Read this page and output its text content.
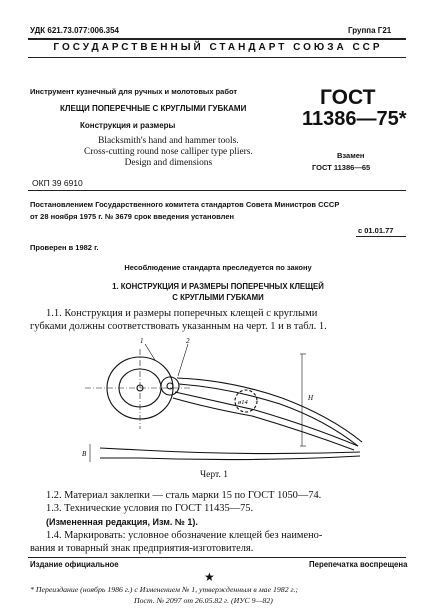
УДК 621.73.077:006.354	Группа Г21
ГОСУДАРСТВЕННЫЙ СТАНДАРТ СОЮЗА ССР
Инструмент кузнечный для ручных и молотовых работ
КЛЕЩИ ПОПЕРЕЧНЫЕ С КРУГЛЫМИ ГУБКАМИ
Конструкция и размеры
Blacksmith's hand and hammer tools.
Cross-cutting round nose calliper type pliers.
Design and dimensions
ОКП 39 6910
ГОСТ
11386—75*
Взамен
ГОСТ 11386—65
Постановлением Государственного комитета стандартов Совета Министров СССР
от 28 ноября 1975 г. № 3679 срок введения установлен
с 01.01.77
Проверен в 1982 г.
Несоблюдение стандарта преследуется по закону
1. КОНСТРУКЦИЯ И РАЗМЕРЫ ПОПЕРЕЧНЫХ КЛЕЩЕЙ
С КРУГЛЫМИ ГУБКАМИ

1.1. Конструкция и размеры поперечных клещей с круглыми

губками должны соответствовать указанным на черт. 1 и в табл. 1.

1	2
ø14
H
B
Черт. 1

1.2. Материал заклепки — сталь марки 15 по ГОСТ 1050—74.

1.3. Технические условия по ГОСТ 11435—75.

(Измененная редакция, Изм. № 1).

1.4. Маркировать: условное обозначение клещей без наименo-

вания и товарный знак предприятия-изготовителя.

Издание официальное	Перепечатка воспрещена
★
* Переиздание (ноябрь 1986 г.) с Изменением № 1, утвержденным в мае 1982 г.;
Пост. № 2097 от 26.05.82 г. (ИУС 9—82)
